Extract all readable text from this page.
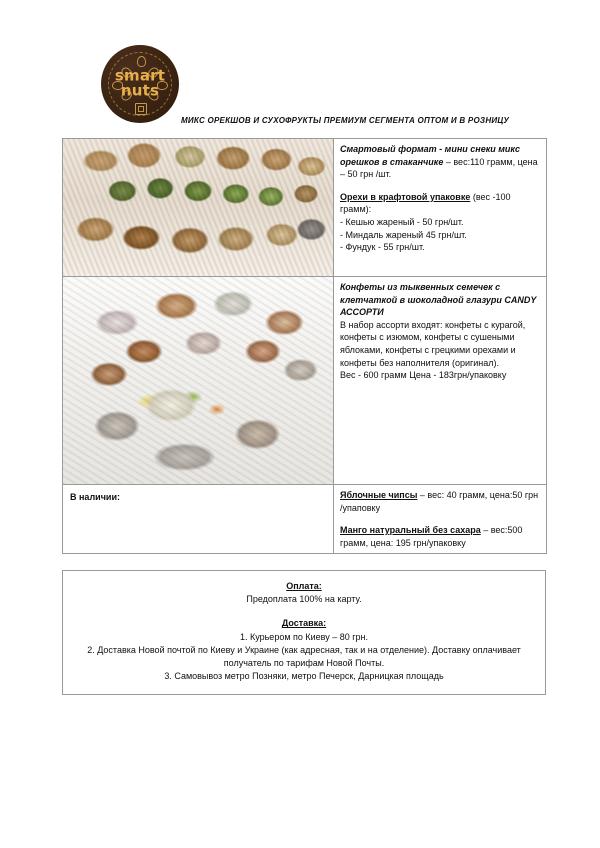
smart
nuts
МИКС ОРЕКШОВ И СУХОФРУКТЫ ПРЕМИУМ СЕГМЕНТА ОПТОМ И В РОЗНИЦУ

	Смартовый формат - мини снеки микс орешков в стаканчике – вес:110 грамм, цена – 50 грн /шт.

Орехи в крафтовой упаковке (вес -100 грамм):

- Кешью жареный - 50 грн/шт.

- Миндаль жареный 45 грн/шт.

- Фундук - 55 грн/шт.

	Конфеты из тыквенных семечек с клетчаткой в шоколадной глазури CANDY АССОРТИ

В набор ассорти входят: конфеты с курагой, конфеты с изюмом, конфеты с сушеными яблоками, конфеты с грецкими орехами и конфеты без наполнителя (оригинал).

Вес - 600 грамм Цена - 183грн/упаковку

В наличии:	Яблочные чипсы – вес: 40 грамм, цена:50 грн /упаповку

Манго натуральный без сахара – вес:500 грамм, цена: 195 грн/упаковку

Оплата:

Предоплата 100% на карту.

Доставка:

1. Курьером по Киеву – 80 грн.

2. Доставка Новой почтой по Киеву и Украине (как адресная, так и на отделение). Доставку оплачивает получатель по тарифам Новой Почты.

3. Самовывоз метро Позняки, метро Печерск, Дарницкая площадь
